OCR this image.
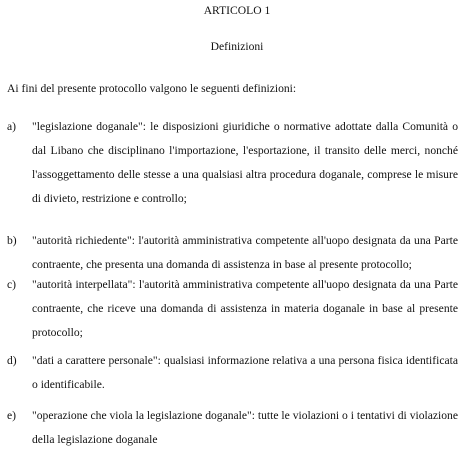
ARTICOLO 1
Definizioni
Ai fini del presente protocollo valgono le seguenti definizioni:
a) "legislazione doganale": le disposizioni giuridiche o normative adottate dalla Comunità o dal Libano che disciplinano l'importazione, l'esportazione, il transito delle merci, nonché l'assoggettamento delle stesse a una qualsiasi altra procedura doganale, comprese le misure di divieto, restrizione e controllo;

b) "autorità richiedente": l'autorità amministrativa competente all'uopo designata da una Parte contraente, che presenta una domanda di assistenza in base al presente protocollo;

c) "autorità interpellata": l'autorità amministrativa competente all'uopo designata da una Parte contraente, che riceve una domanda di assistenza in materia doganale in base al presente protocollo;

d) "dati a carattere personale": qualsiasi informazione relativa a una persona fisica identificata o identificabile.

e) "operazione che viola la legislazione doganale": tutte le violazioni o i tentativi di violazione della legislazione doganale
